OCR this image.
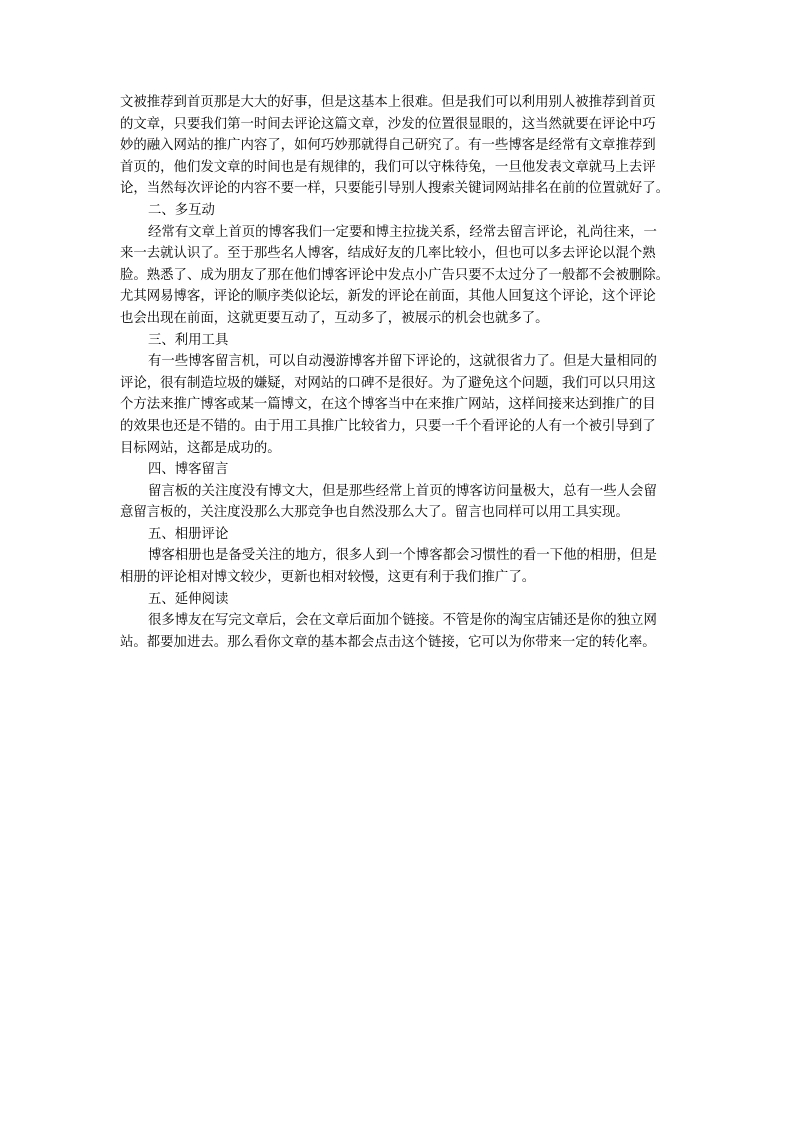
文被推荐到首页那是大大的好事，但是这基本上很难。但是我们可以利用别人被推荐到首页
的文章，只要我们第一时间去评论这篇文章，沙发的位置很显眼的，这当然就要在评论中巧
妙的融入网站的推广内容了，如何巧妙那就得自己研究了。有一些博客是经常有文章推荐到
首页的，他们发文章的时间也是有规律的，我们可以守株待兔，一旦他发表文章就马上去评
论，当然每次评论的内容不要一样，只要能引导别人搜索关键词网站排名在前的位置就好了。
二、多互动
经常有文章上首页的博客我们一定要和博主拉拢关系，经常去留言评论，礼尚往来，一
来一去就认识了。至于那些名人博客，结成好友的几率比较小，但也可以多去评论以混个熟
脸。熟悉了、成为朋友了那在他们博客评论中发点小广告只要不太过分了一般都不会被删除。
尤其网易博客，评论的顺序类似论坛，新发的评论在前面，其他人回复这个评论，这个评论
也会出现在前面，这就更要互动了，互动多了，被展示的机会也就多了。
三、利用工具
有一些博客留言机，可以自动漫游博客并留下评论的，这就很省力了。但是大量相同的
评论，很有制造垃圾的嫌疑，对网站的口碑不是很好。为了避免这个问题，我们可以只用这
个方法来推广博客或某一篇博文，在这个博客当中在来推广网站，这样间接来达到推广的目
的效果也还是不错的。由于用工具推广比较省力，只要一千个看评论的人有一个被引导到了
目标网站，这都是成功的。
四、博客留言
留言板的关注度没有博文大，但是那些经常上首页的博客访问量极大，总有一些人会留
意留言板的，关注度没那么大那竞争也自然没那么大了。留言也同样可以用工具实现。
五、相册评论
博客相册也是备受关注的地方，很多人到一个博客都会习惯性的看一下他的相册，但是
相册的评论相对博文较少，更新也相对较慢，这更有利于我们推广了。
五、延伸阅读
很多博友在写完文章后，会在文章后面加个链接。不管是你的淘宝店铺还是你的独立网
站。都要加进去。那么看你文章的基本都会点击这个链接，它可以为你带来一定的转化率。
